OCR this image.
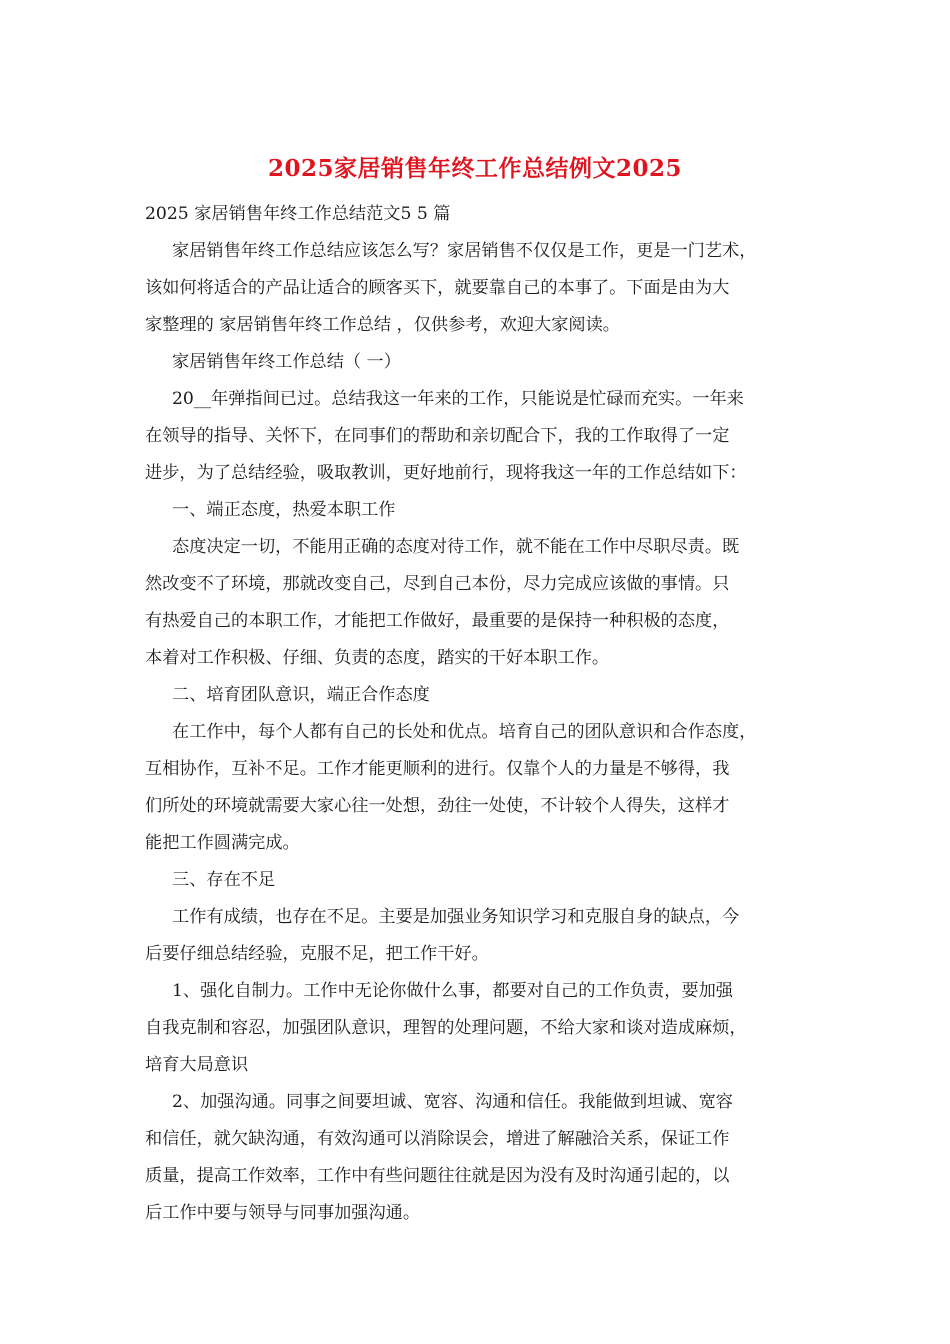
2025家居销售年终工作总结例文2025
2025 家居销售年终工作总结范文5 5 篇
家居销售年终工作总结应该怎么写？家居销售不仅仅是工作，更是一门艺术，
该如何将适合的产品让适合的顾客买下，就要靠自己的本事了。下面是由为大
家整理的 家居销售年终工作总结 ，仅供参考，欢迎大家阅读。
家居销售年终工作总结（ 一）
20__年弹指间已过。总结我这一年来的工作，只能说是忙碌而充实。一年来
在领导的指导、关怀下，在同事们的帮助和亲切配合下，我的工作取得了一定
进步，为了总结经验，吸取教训，更好地前行，现将我这一年的工作总结如下：
一、端正态度，热爱本职工作
态度决定一切，不能用正确的态度对待工作，就不能在工作中尽职尽责。既
然改变不了环境，那就改变自己，尽到自己本份，尽力完成应该做的事情。只
有热爱自己的本职工作，才能把工作做好，最重要的是保持一种积极的态度，
本着对工作积极、仔细、负责的态度，踏实的干好本职工作。
二、培育团队意识，端正合作态度
在工作中，每个人都有自己的长处和优点。培育自己的团队意识和合作态度，
互相协作，互补不足。工作才能更顺利的进行。仅靠个人的力量是不够得，我
们所处的环境就需要大家心往一处想，劲往一处使，不计较个人得失，这样才
能把工作圆满完成。
三、存在不足
工作有成绩，也存在不足。主要是加强业务知识学习和克服自身的缺点，今
后要仔细总结经验，克服不足，把工作干好。
1、强化自制力。工作中无论你做什么事，都要对自己的工作负责，要加强
自我克制和容忍，加强团队意识，理智的处理问题，不给大家和谈对造成麻烦，
培育大局意识
2、加强沟通。同事之间要坦诚、宽容、沟通和信任。我能做到坦诚、宽容
和信任，就欠缺沟通，有效沟通可以消除误会，增进了解融洽关系，保证工作
质量，提高工作效率，工作中有些问题往往就是因为没有及时沟通引起的，以
后工作中要与领导与同事加强沟通。
